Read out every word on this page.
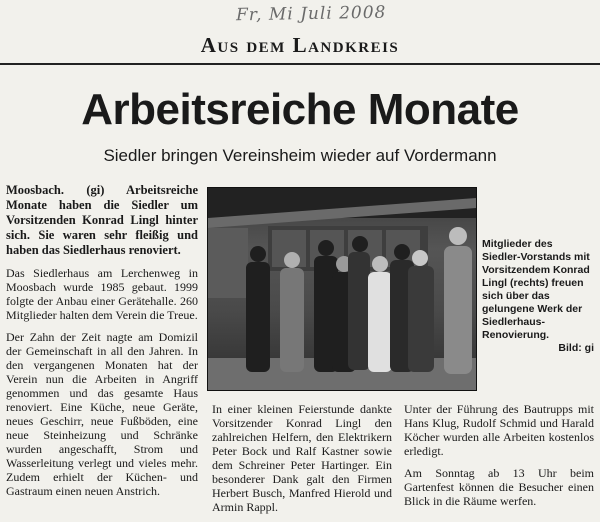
Fr, Mi Juli 2008
Aus dem Landkreis
Arbeitsreiche Monate
Siedler bringen Vereinsheim wieder auf Vordermann

Moosbach. (gi) Arbeitsreiche Monate haben die Siedler um Vorsitzenden Konrad Lingl hinter sich. Sie waren sehr fleißig und haben das Siedlerhaus renoviert.

Das Siedlerhaus am Lerchenweg in Moosbach wurde 1985 gebaut. 1999 folgte der Anbau einer Gerätehalle. 260 Mitglieder halten dem Verein die Treue.

Der Zahn der Zeit nagte am Domizil der Gemeinschaft in all den Jahren. In den vergangenen Monaten hat der Verein nun die Arbeiten in Angriff genommen und das gesamte Haus renoviert. Eine Küche, neue Geräte, neues Geschirr, neue Fußböden, eine neue Steinheizung und Schränke wurden angeschafft, Strom und Wasserleitung verlegt und vieles mehr. Zudem erhielt der Küchen- und Gastraum einen neuen Anstrich.

Mitglieder des Siedler-Vorstands mit Vorsitzendem Konrad Lingl (rechts) freuen sich über das gelungene Werk der Siedlerhaus-Renovierung.
Bild: gi

In einer kleinen Feierstunde dankte Vorsitzender Konrad Lingl den zahlreichen Helfern, den Elektrikern Peter Bock und Ralf Kastner sowie dem Schreiner Peter Hartinger. Ein besonderer Dank galt den Firmen Herbert Busch, Manfred Hierold und Armin Rappl.

Unter der Führung des Bautrupps mit Hans Klug, Rudolf Schmid und Harald Köcher wurden alle Arbeiten kostenlos erledigt.

Am Sonntag ab 13 Uhr beim Gartenfest können die Besucher einen Blick in die Räume werfen.
